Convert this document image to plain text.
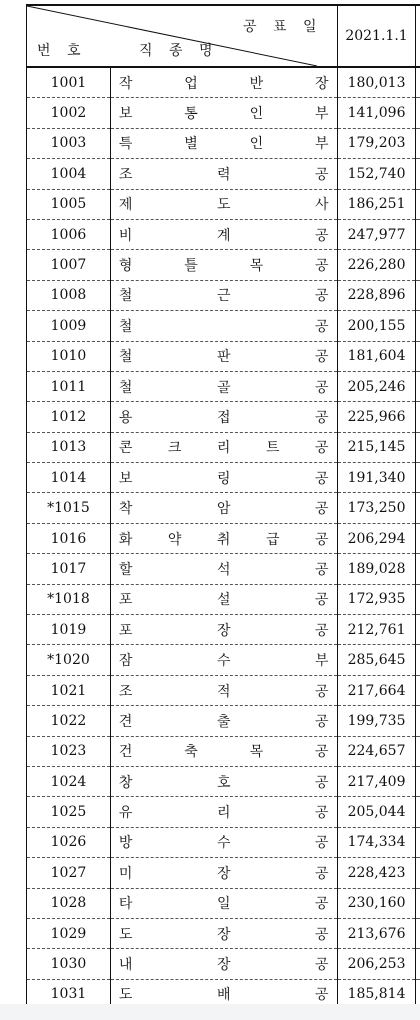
공 표 일
번 호 직 종 명		2021.1.1	
1001	작 업 반 장	180,013	
1002	보 통 인 부	141,096	
1003	특 별 인 부	179,203	
1004	조 력 공	152,740	
1005	제 도 사	186,251	
1006	비 계 공	247,977	
1007	형 틀 목 공	226,280	
1008	철 근 공	228,896	
1009	철 공	200,155	
1010	철 판 공	181,604	
1011	철 골 공	205,246	
1012	용 접 공	225,966	
1013	콘 크 리 트 공	215,145	
1014	보 링 공	191,340	
*1015	착 암 공	173,250	
1016	화 약 취 급 공	206,294	
1017	할 석 공	189,028	
*1018	포 설 공	172,935	
1019	포 장 공	212,761	
*1020	잠 수 부	285,645	
1021	조 적 공	217,664	
1022	견 출 공	199,735	
1023	건 축 목 공	224,657	
1024	창 호 공	217,409	
1025	유 리 공	205,044	
1026	방 수 공	174,334	
1027	미 장 공	228,423	
1028	타 일 공	230,160	
1029	도 장 공	213,676	
1030	내 장 공	206,253	
1031	도 배 공	185,814	
